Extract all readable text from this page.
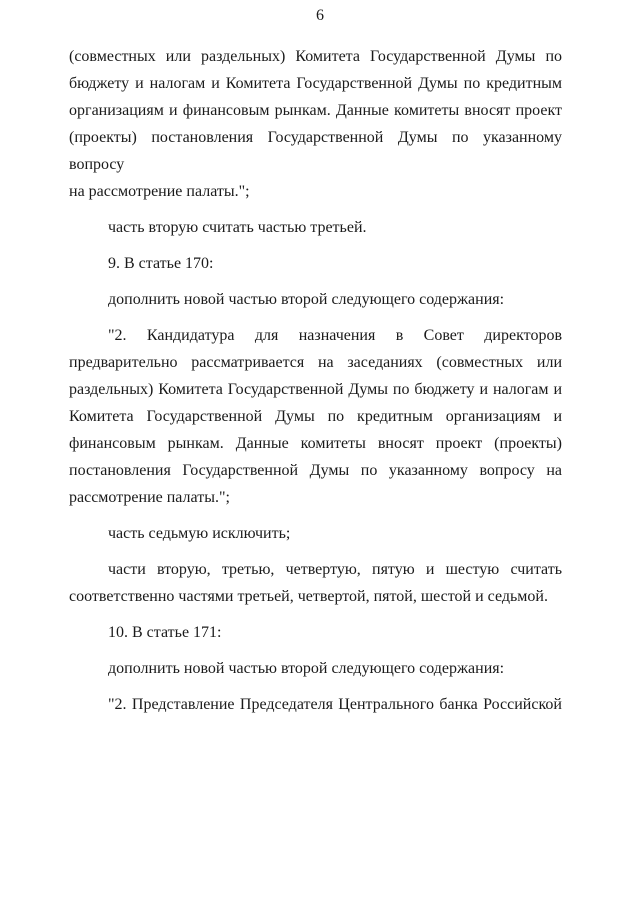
6
(совместных или раздельных) Комитета Государственной Думы по
бюджету и налогам и Комитета Государственной Думы по кредитным
организациям и финансовым рынкам. Данные комитеты вносят проект
(проекты) постановления Государственной Думы по указанному вопросу
на рассмотрение палаты.";
часть вторую считать частью третьей.
9. В статье 170:
дополнить новой частью второй следующего содержания:
"2. Кандидатура для назначения в Совет директоров
предварительно рассматривается на заседаниях (совместных или
раздельных) Комитета Государственной Думы по бюджету и налогам и
Комитета Государственной Думы по кредитным организациям и
финансовым рынкам. Данные комитеты вносят проект (проекты)
постановления Государственной Думы по указанному вопросу на
рассмотрение палаты.";
часть седьмую исключить;
части вторую, третью, четвертую, пятую и шестую считать
соответственно частями третьей, четвертой, пятой, шестой и седьмой.
10. В статье 171:
дополнить новой частью второй следующего содержания:
"2. Представление Председателя Центрального банка Российской
